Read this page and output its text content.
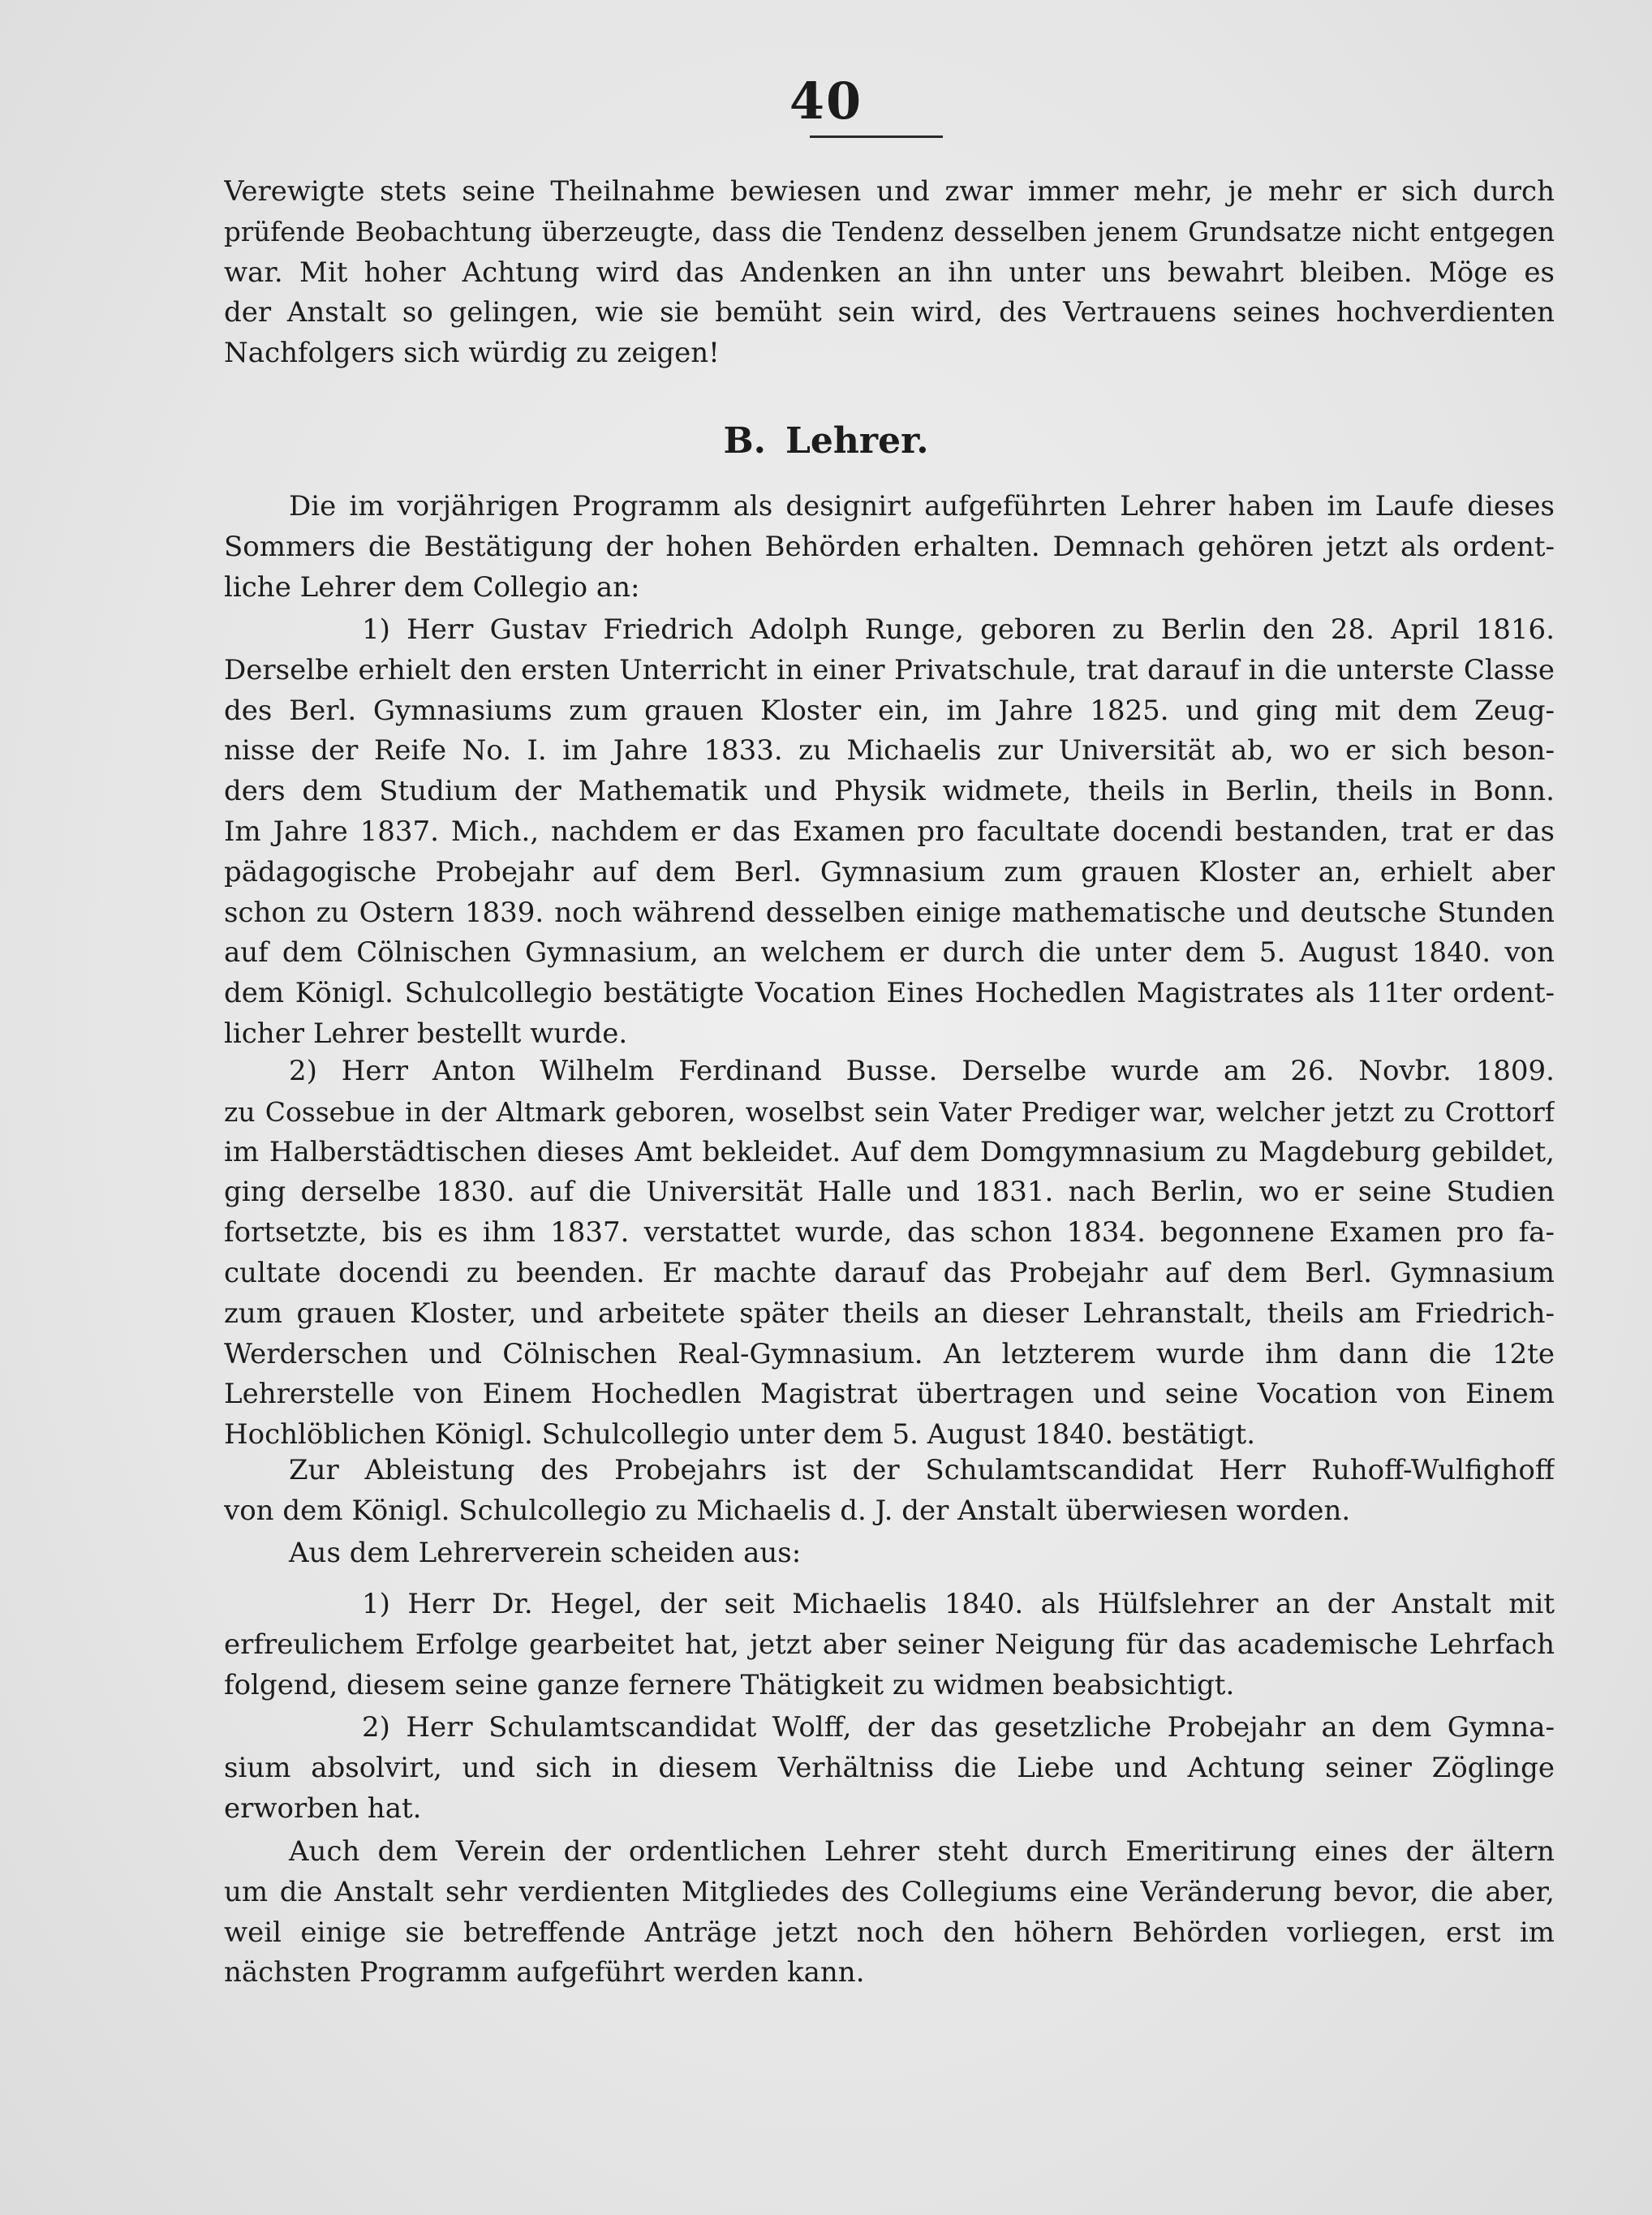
40
Verewigte stets seine Theilnahme bewiesen und zwar immer mehr, je mehr er sich durch
prüfende Beobachtung überzeugte, dass die Tendenz desselben jenem Grundsatze nicht entgegen
war. Mit hoher Achtung wird das Andenken an ihn unter uns bewahrt bleiben. Möge es
der Anstalt so gelingen, wie sie bemüht sein wird, des Vertrauens seines hochverdienten
Nachfolgers sich würdig zu zeigen!
B. Lehrer.
Die im vorjährigen Programm als designirt aufgeführten Lehrer haben im Laufe dieses
Sommers die Bestätigung der hohen Behörden erhalten. Demnach gehören jetzt als ordent-
liche Lehrer dem Collegio an:
1) Herr Gustav Friedrich Adolph Runge, geboren zu Berlin den 28. April 1816.
Derselbe erhielt den ersten Unterricht in einer Privatschule, trat darauf in die unterste Classe
des Berl. Gymnasiums zum grauen Kloster ein, im Jahre 1825. und ging mit dem Zeug-
nisse der Reife No. I. im Jahre 1833. zu Michaelis zur Universität ab, wo er sich beson-
ders dem Studium der Mathematik und Physik widmete, theils in Berlin, theils in Bonn.
Im Jahre 1837. Mich., nachdem er das Examen pro facultate docendi bestanden, trat er das
pädagogische Probejahr auf dem Berl. Gymnasium zum grauen Kloster an, erhielt aber
schon zu Ostern 1839. noch während desselben einige mathematische und deutsche Stunden
auf dem Cölnischen Gymnasium, an welchem er durch die unter dem 5. August 1840. von
dem Königl. Schulcollegio bestätigte Vocation Eines Hochedlen Magistrates als 11ter ordent-
licher Lehrer bestellt wurde.
2) Herr Anton Wilhelm Ferdinand Busse. Derselbe wurde am 26. Novbr. 1809.
zu Cossebue in der Altmark geboren, woselbst sein Vater Prediger war, welcher jetzt zu Crottorf
im Halberstädtischen dieses Amt bekleidet. Auf dem Domgymnasium zu Magdeburg gebildet,
ging derselbe 1830. auf die Universität Halle und 1831. nach Berlin, wo er seine Studien
fortsetzte, bis es ihm 1837. verstattet wurde, das schon 1834. begonnene Examen pro fa-
cultate docendi zu beenden. Er machte darauf das Probejahr auf dem Berl. Gymnasium
zum grauen Kloster, und arbeitete später theils an dieser Lehranstalt, theils am Friedrich-
Werderschen und Cölnischen Real-Gymnasium. An letzterem wurde ihm dann die 12te
Lehrerstelle von Einem Hochedlen Magistrat übertragen und seine Vocation von Einem
Hochlöblichen Königl. Schulcollegio unter dem 5. August 1840. bestätigt.
Zur Ableistung des Probejahrs ist der Schulamtscandidat Herr Ruhoff-Wulfighoff
von dem Königl. Schulcollegio zu Michaelis d. J. der Anstalt überwiesen worden.
Aus dem Lehrerverein scheiden aus:
1) Herr Dr. Hegel, der seit Michaelis 1840. als Hülfslehrer an der Anstalt mit
erfreulichem Erfolge gearbeitet hat, jetzt aber seiner Neigung für das academische Lehrfach
folgend, diesem seine ganze fernere Thätigkeit zu widmen beabsichtigt.
2) Herr Schulamtscandidat Wolff, der das gesetzliche Probejahr an dem Gymna-
sium absolvirt, und sich in diesem Verhältniss die Liebe und Achtung seiner Zöglinge
erworben hat.
Auch dem Verein der ordentlichen Lehrer steht durch Emeritirung eines der ältern
um die Anstalt sehr verdienten Mitgliedes des Collegiums eine Veränderung bevor, die aber,
weil einige sie betreffende Anträge jetzt noch den höhern Behörden vorliegen, erst im
nächsten Programm aufgeführt werden kann.
